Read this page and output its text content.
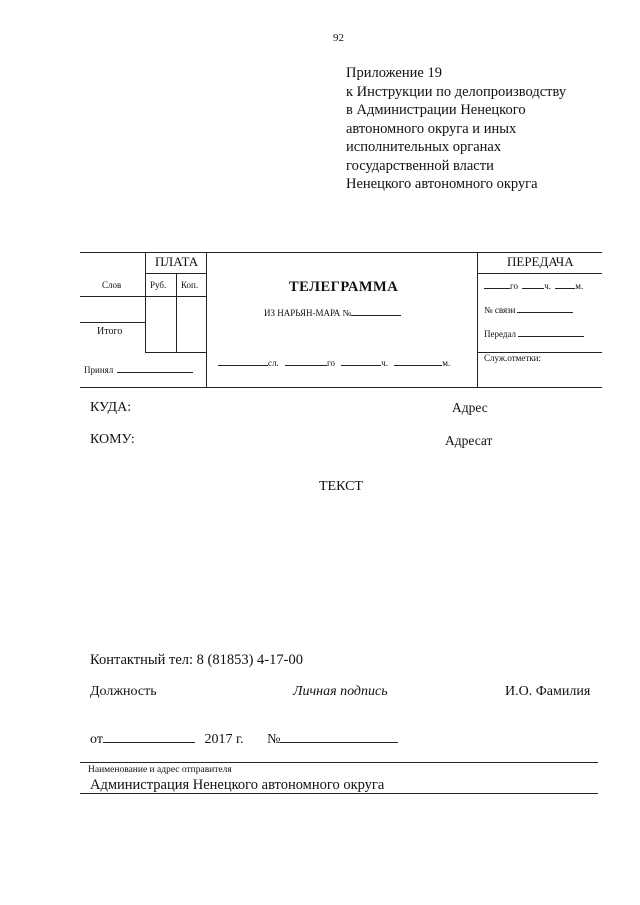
92
Приложение 19
к Инструкции по делопроизводству
в Администрации Ненецкого
автономного округа и иных
исполнительных органах
государственной власти
Ненецкого автономного округа
ПЛАТА
Слов	Руб. Коп.
Итого
Принял
ТЕЛЕГРАММА
ИЗ НАРЬЯН-МАРА №
сл.	го	ч.	м.
ПЕРЕДАЧА
го	ч.	м.
№ связи
Передал
Служ.отметки:
КУДА:	Адрес
КОМУ:	Адресат
ТЕКСТ
Контактный тел: 8 (81853) 4-17-00
Должность	Личная подпись	И.О. Фамилия
от	2017 г. №
Наименование и адрес отправителя
Администрация Ненецкого автономного округа
